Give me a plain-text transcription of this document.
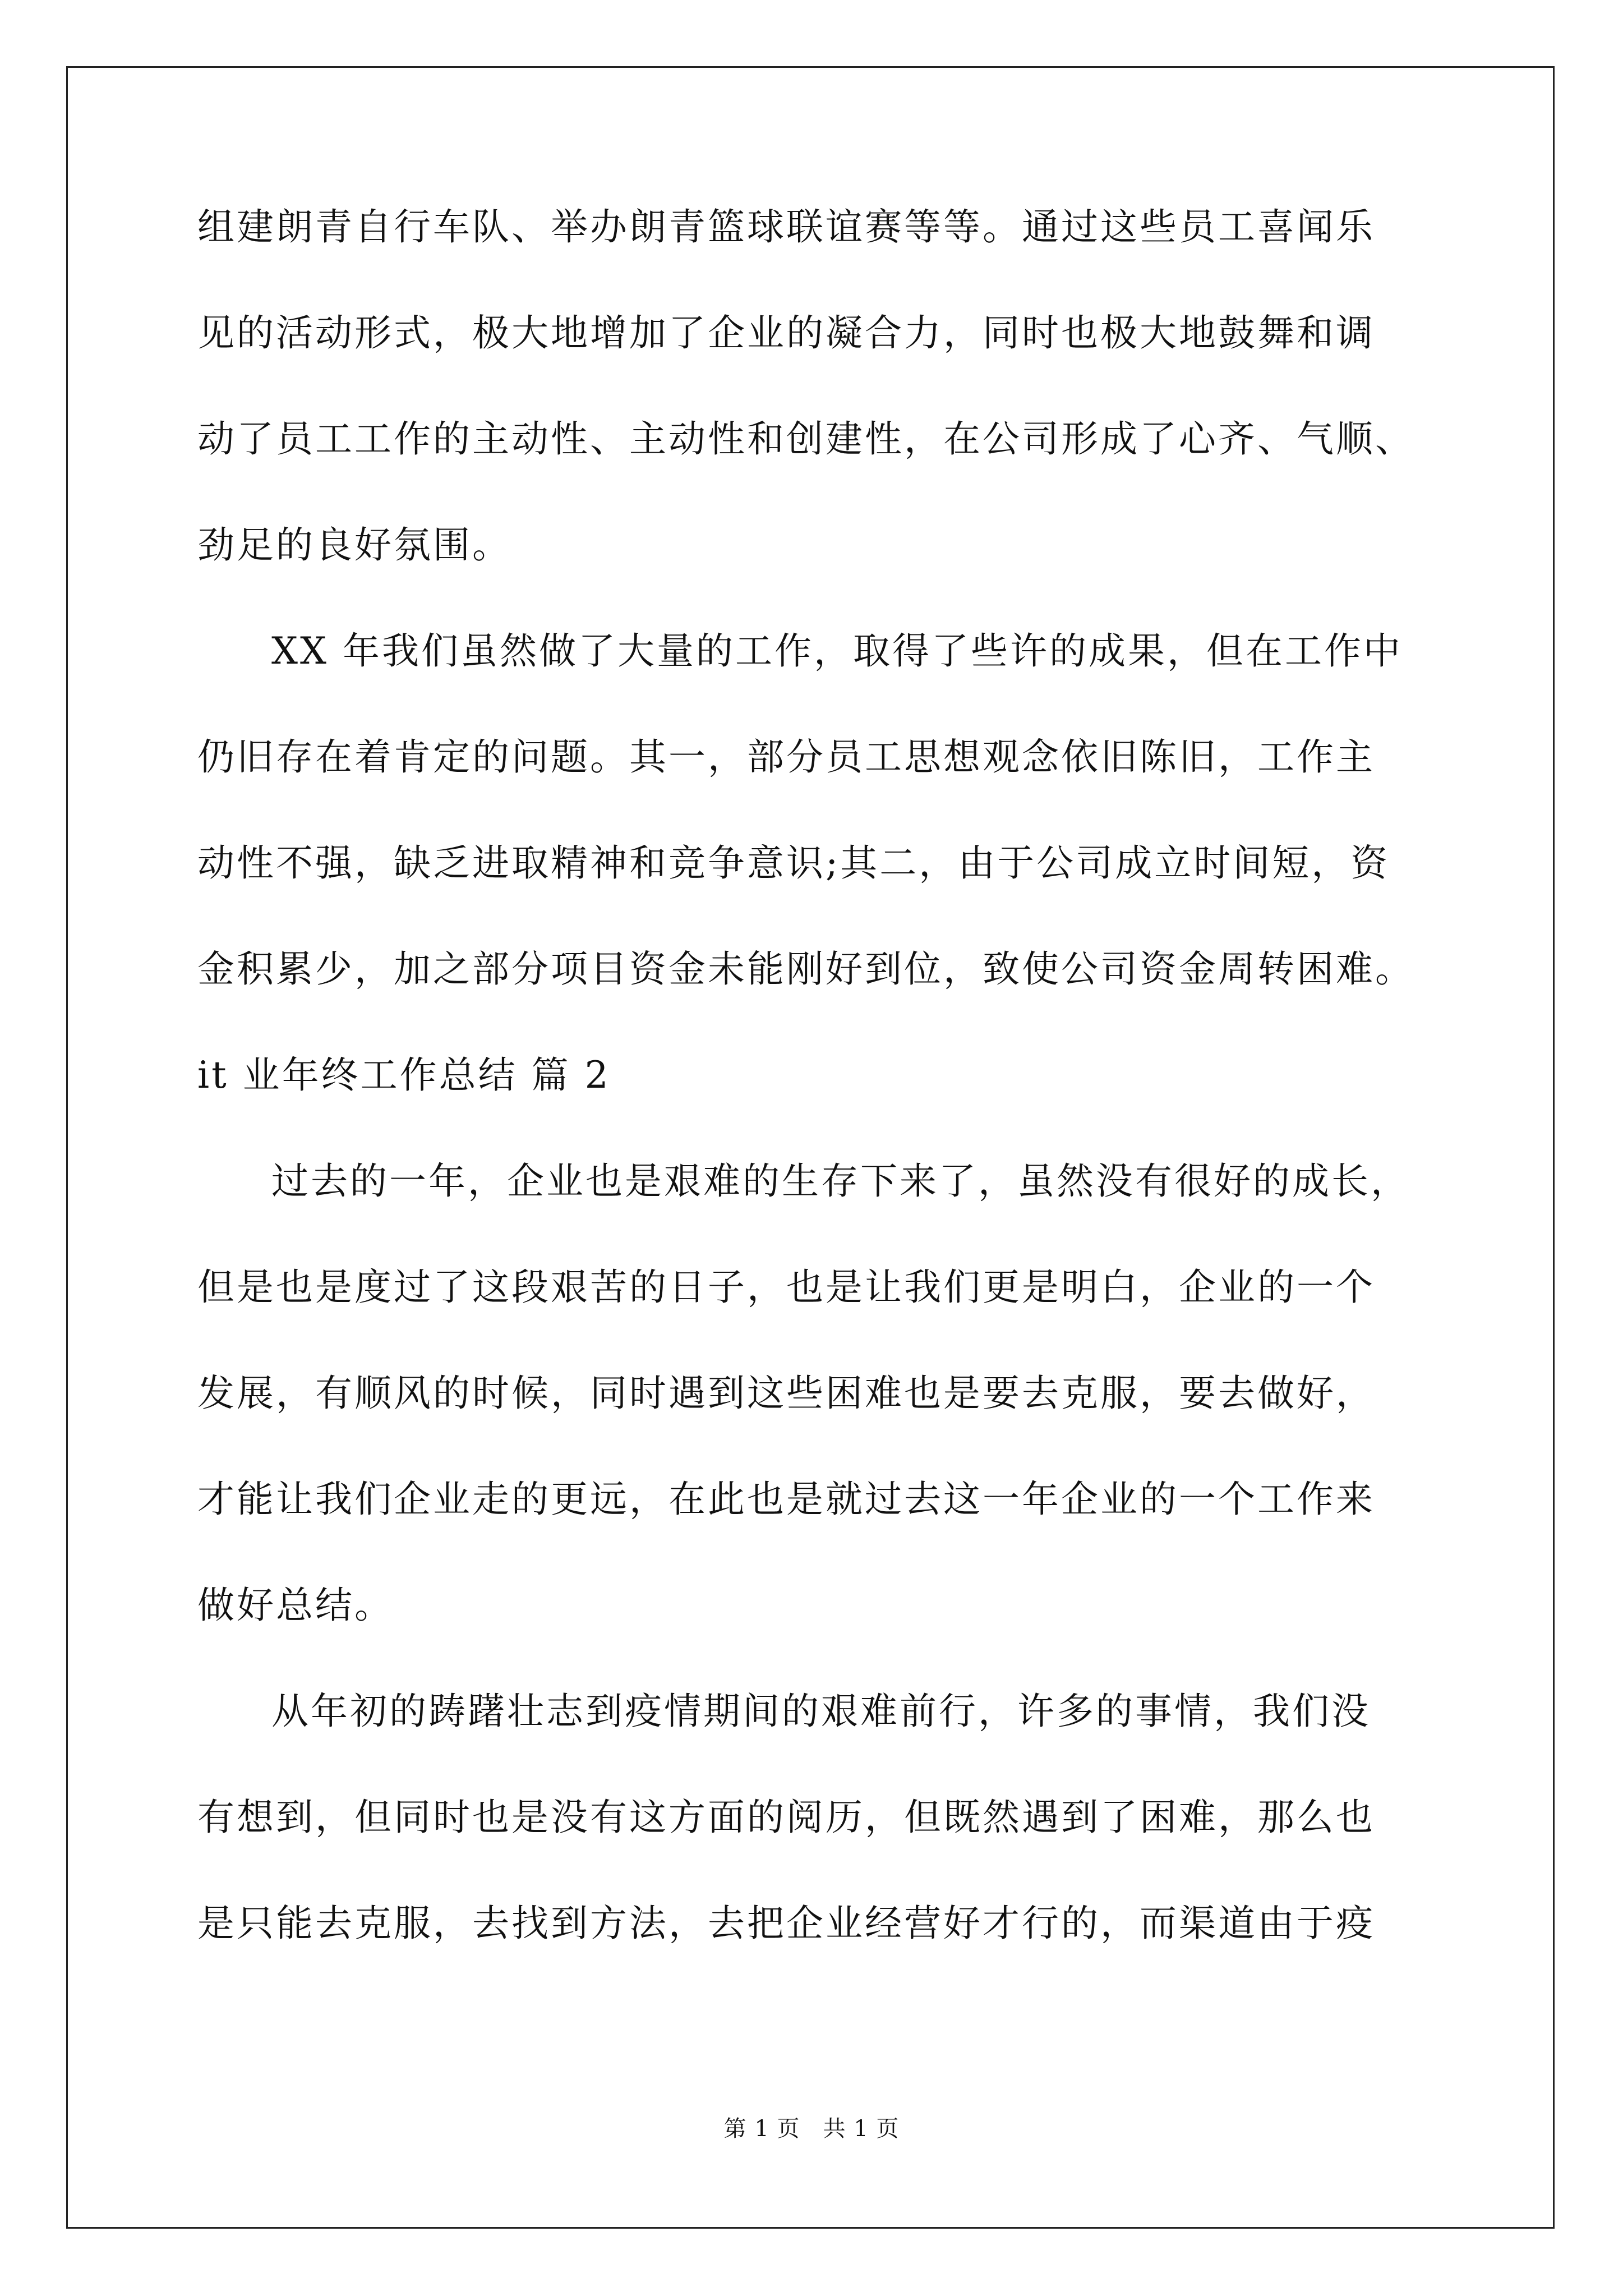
组建朗青自行车队、举办朗青篮球联谊赛等等。通过这些员工喜闻乐
见的活动形式，极大地增加了企业的凝合力，同时也极大地鼓舞和调
动了员工工作的主动性、主动性和创建性，在公司形成了心齐、气顺、
劲足的良好氛围。
XX 年我们虽然做了大量的工作，取得了些许的成果，但在工作中
仍旧存在着肯定的问题。其一，部分员工思想观念依旧陈旧，工作主
动性不强，缺乏进取精神和竞争意识;其二，由于公司成立时间短，资
金积累少，加之部分项目资金未能刚好到位，致使公司资金周转困难。
it 业年终工作总结 篇 2
过去的一年，企业也是艰难的生存下来了，虽然没有很好的成长，
但是也是度过了这段艰苦的日子，也是让我们更是明白，企业的一个
发展，有顺风的时候，同时遇到这些困难也是要去克服，要去做好，
才能让我们企业走的更远，在此也是就过去这一年企业的一个工作来
做好总结。
从年初的踌躇壮志到疫情期间的艰难前行，许多的事情，我们没
有想到，但同时也是没有这方面的阅历，但既然遇到了困难，那么也
是只能去克服，去找到方法，去把企业经营好才行的，而渠道由于疫
第 1 页　共 1 页
